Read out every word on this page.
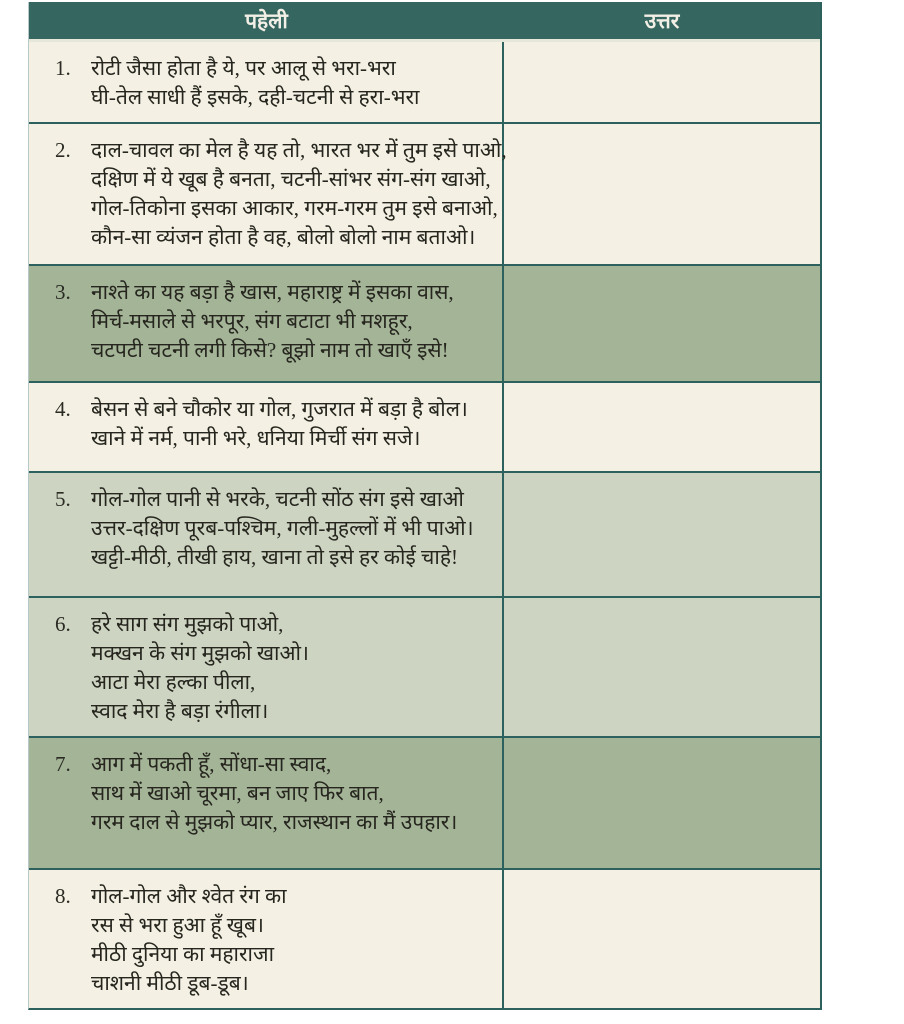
पहेली	उत्तर
1. रोटी जैसा होता है ये, पर आलू से भरा-भरा
घी-तेल साधी हैं इसके, दही-चटनी से हरा-भरा
2. दाल-चावल का मेल है यह तो, भारत भर में तुम इसे पाओ,
दक्षिण में ये खूब है बनता, चटनी-सांभर संग-संग खाओ,
गोल-तिकोना इसका आकार, गरम-गरम तुम इसे बनाओ,
कौन-सा व्यंजन होता है वह, बोलो बोलो नाम बताओ।
3. नाश्ते का यह बड़ा है खास, महाराष्ट्र में इसका वास,
मिर्च-मसाले से भरपूर, संग बटाटा भी मशहूर,
चटपटी चटनी लगी किसे? बूझो नाम तो खाएँ इसे!
4. बेसन से बने चौकोर या गोल, गुजरात में बड़ा है बोल।
खाने में नर्म, पानी भरे, धनिया मिर्ची संग सजे।
5. गोल-गोल पानी से भरके, चटनी सोंठ संग इसे खाओ
उत्तर-दक्षिण पूरब-पश्चिम, गली-मुहल्लों में भी पाओ।
खट्टी-मीठी, तीखी हाय, खाना तो इसे हर कोई चाहे!
6. हरे साग संग मुझको पाओ,
मक्खन के संग मुझको खाओ।
आटा मेरा हल्का पीला,
स्वाद मेरा है बड़ा रंगीला।
7. आग में पकती हूँ, सोंधा-सा स्वाद,
साथ में खाओ चूरमा, बन जाए फिर बात,
गरम दाल से मुझको प्यार, राजस्थान का मैं उपहार।
8. गोल-गोल और श्वेत रंग का
रस से भरा हुआ हूँ खूब।
मीठी दुनिया का महाराजा
चाशनी मीठी डूब-डूब।
